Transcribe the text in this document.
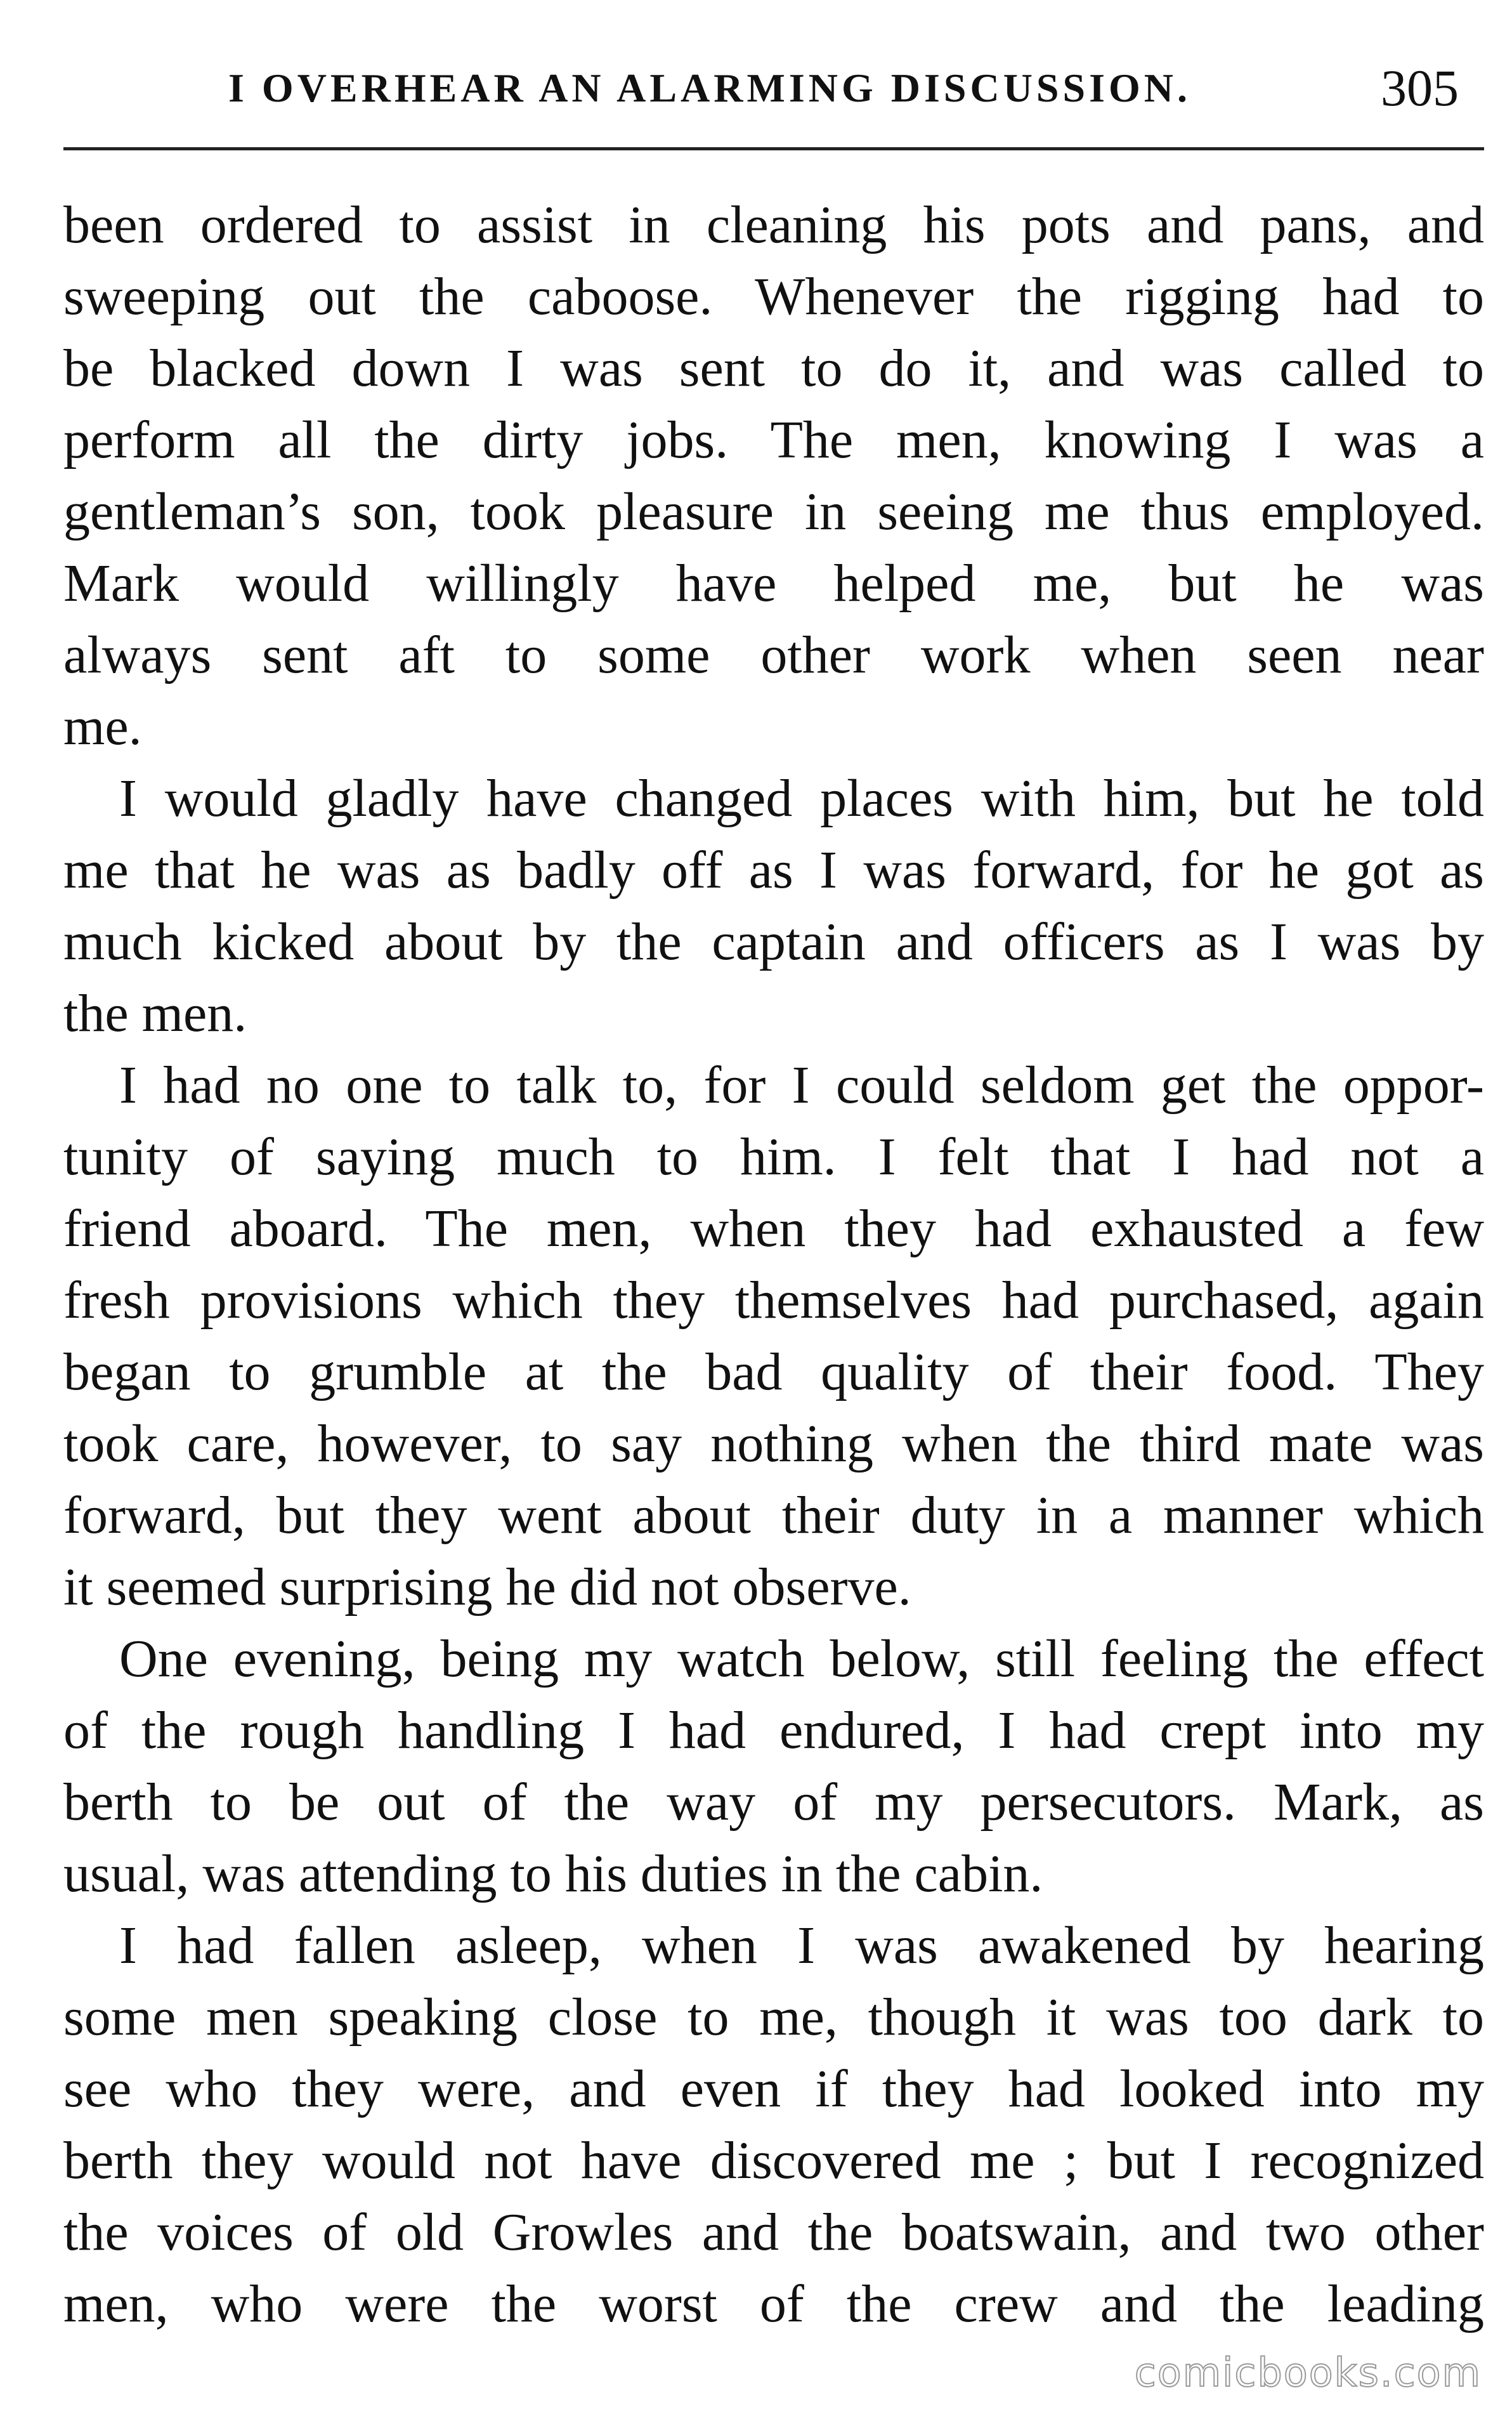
I OVERHEAR AN ALARMING DISCUSSION.	305
been ordered to assist in cleaning his pots and pans, and
sweeping out the caboose. Whenever the rigging had to
be blacked down I was sent to do it, and was called to
perform all the dirty jobs. The men, knowing I was a
gentleman’s son, took pleasure in seeing me thus employed.
Mark would willingly have helped me, but he was
always sent aft to some other work when seen near
me.
I would gladly have changed places with him, but he told
me that he was as badly off as I was forward, for he got as
much kicked about by the captain and officers as I was by
the men.
I had no one to talk to, for I could seldom get the oppor-
tunity of saying much to him. I felt that I had not a
friend aboard. The men, when they had exhausted a few
fresh provisions which they themselves had purchased, again
began to grumble at the bad quality of their food. They
took care, however, to say nothing when the third mate was
forward, but they went about their duty in a manner which
it seemed surprising he did not observe.
One evening, being my watch below, still feeling the effect
of the rough handling I had endured, I had crept into my
berth to be out of the way of my persecutors. Mark, as
usual, was attending to his duties in the cabin.
I had fallen asleep, when I was awakened by hearing
some men speaking close to me, though it was too dark to
see who they were, and even if they had looked into my
berth they would not have discovered me ; but I recognized
the voices of old Growles and the boatswain, and two other
men, who were the worst of the crew and the leading
comicbooks.com
